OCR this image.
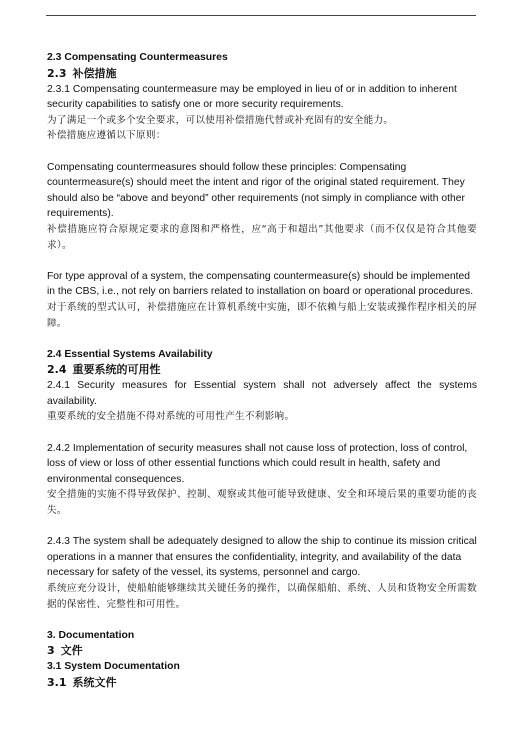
2.3 Compensating Countermeasures
2.3 补偿措施
2.3.1 Compensating countermeasure may be employed in lieu of or in addition to inherent security capabilities to satisfy one or more security requirements.
为了满足一个或多个安全要求，可以使用补偿措施代替或补充固有的安全能力。
补偿措施应遵循以下原则：
Compensating countermeasures should follow these principles: Compensating countermeasure(s) should meet the intent and rigor of the original stated requirement. They should also be “above and beyond” other requirements (not simply in compliance with other requirements).
补偿措施应符合原规定要求的意图和严格性，应“高于和超出”其他要求（而不仅仅是符合其他要求）。
For type approval of a system, the compensating countermeasure(s) should be implemented in the CBS, i.e., not rely on barriers related to installation on board or operational procedures.
对于系统的型式认可，补偿措施应在计算机系统中实施，即不依赖与船上安装或操作程序相关的屏障。
2.4 Essential Systems Availability
2.4 重要系统的可用性
2.4.1 Security measures for Essential system shall not adversely affect the systems availability.
重要系统的安全措施不得对系统的可用性产生不利影响。
2.4.2 Implementation of security measures shall not cause loss of protection, loss of control, loss of view or loss of other essential functions which could result in health, safety and environmental consequences.
安全措施的实施不得导致保护、控制、观察或其他可能导致健康、安全和环境后果的重要功能的丧失。
2.4.3 The system shall be adequately designed to allow the ship to continue its mission critical operations in a manner that ensures the confidentiality, integrity, and availability of the data necessary for safety of the vessel, its systems, personnel and cargo.
系统应充分设计，使船舶能够继续其关键任务的操作，以确保船舶、系统、人员和货物安全所需数据的保密性、完整性和可用性。
3. Documentation
3 文件
3.1 System Documentation
3.1 系统文件
